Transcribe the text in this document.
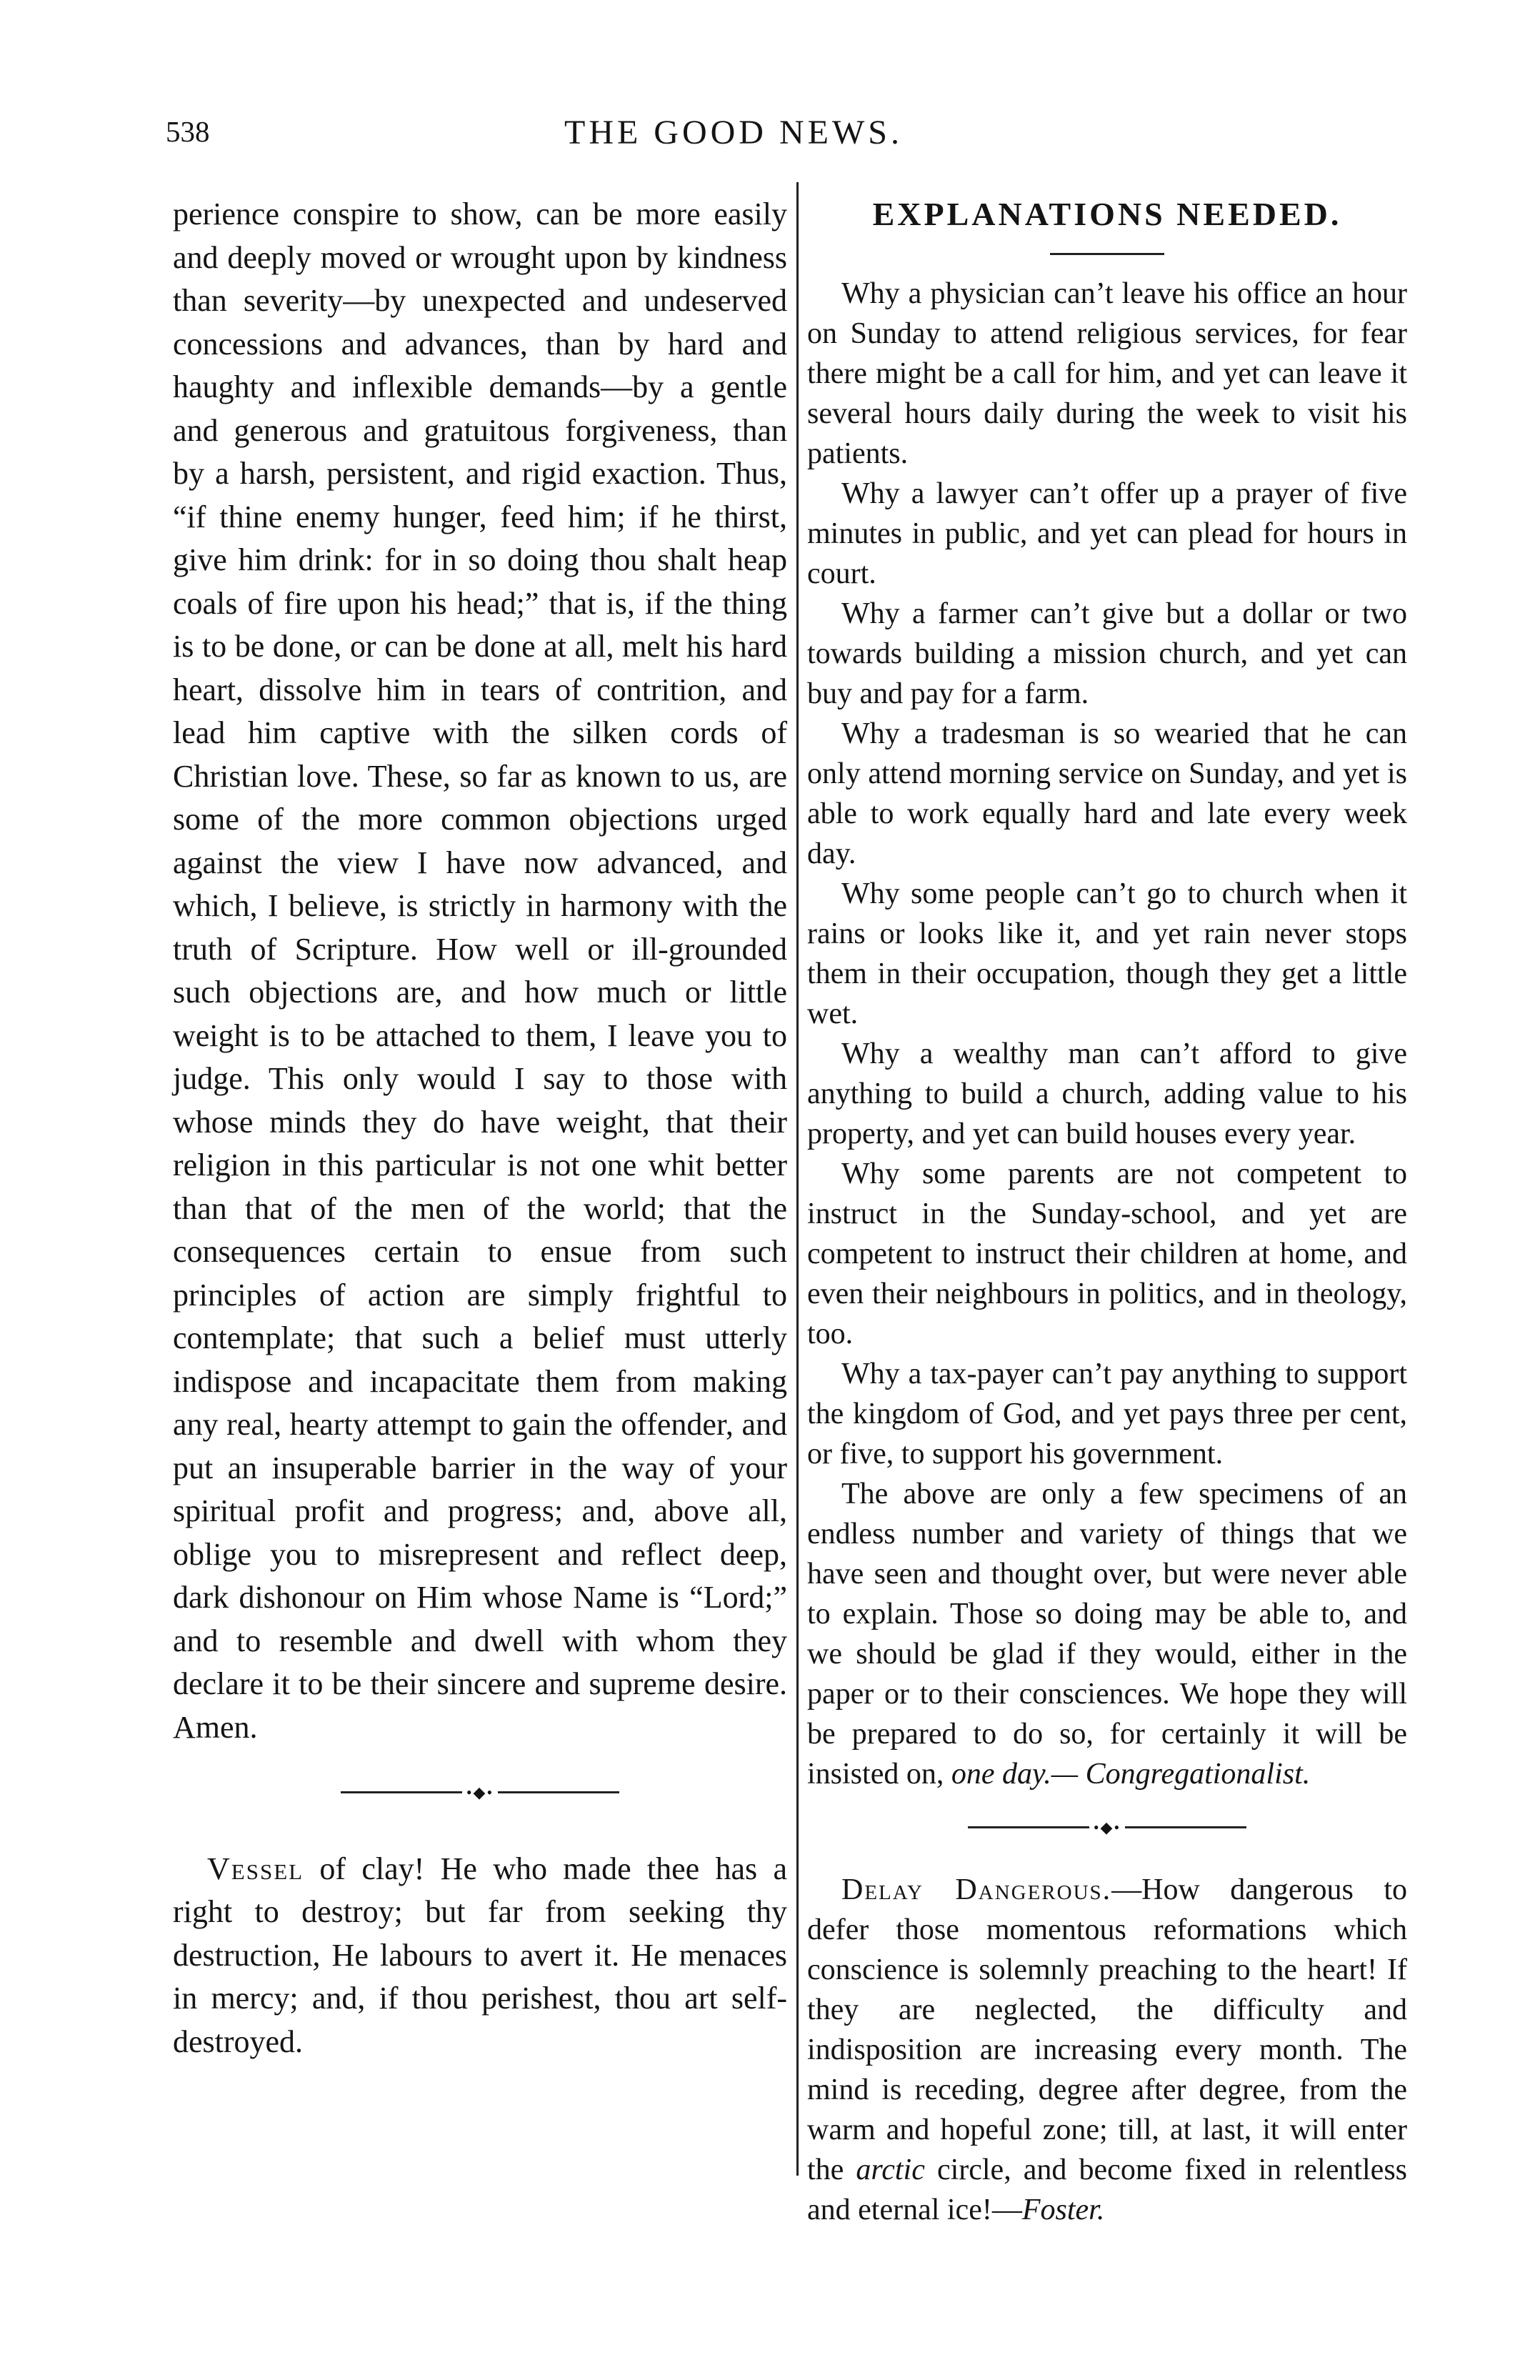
538	THE GOOD NEWS.

perience conspire to show, can be more easily and deeply moved or wrought upon by kindness than severity—by unexpected and undeserved concessions and advances, than by hard and haughty and inflexible demands—by a gentle and generous and gratuitous forgiveness, than by a harsh, persistent, and rigid exaction. Thus, “if thine enemy hunger, feed him; if he thirst, give him drink: for in so doing thou shalt heap coals of fire upon his head;” that is, if the thing is to be done, or can be done at all, melt his hard heart, dissolve him in tears of contrition, and lead him captive with the silken cords of Christian love. These, so far as known to us, are some of the more common objections urged against the view I have now advanced, and which, I believe, is strictly in harmony with the truth of Scripture. How well or ill-grounded such objections are, and how much or little weight is to be attached to them, I leave you to judge. This only would I say to those with whose minds they do have weight, that their religion in this particular is not one whit better than that of the men of the world; that the consequences certain to ensue from such principles of action are simply frightful to contemplate; that such a belief must utterly indispose and incapacitate them from making any real, hearty attempt to gain the offender, and put an insuperable barrier in the way of your spiritual profit and progress; and, above all, oblige you to misrepresent and reflect deep, dark dishonour on Him whose Name is “Lord;” and to resemble and dwell with whom they declare it to be their sincere and supreme desire. Amen.

•◆•

Vessel of clay! He who made thee has a right to destroy; but far from seeking thy destruction, He labours to avert it. He menaces in mercy; and, if thou perishest, thou art self-destroyed.

EXPLANATIONS NEEDED.

Why a physician can’t leave his office an hour on Sunday to attend religious services, for fear there might be a call for him, and yet can leave it several hours daily during the week to visit his patients.

Why a lawyer can’t offer up a prayer of five minutes in public, and yet can plead for hours in court.

Why a farmer can’t give but a dollar or two towards building a mission church, and yet can buy and pay for a farm.

Why a tradesman is so wearied that he can only attend morning service on Sunday, and yet is able to work equally hard and late every week day.

Why some people can’t go to church when it rains or looks like it, and yet rain never stops them in their occupation, though they get a little wet.

Why a wealthy man can’t afford to give anything to build a church, adding value to his property, and yet can build houses every year.

Why some parents are not competent to instruct in the Sunday-school, and yet are competent to instruct their children at home, and even their neighbours in politics, and in theology, too.

Why a tax-payer can’t pay anything to support the kingdom of God, and yet pays three per cent, or five, to support his government.

The above are only a few specimens of an endless number and variety of things that we have seen and thought over, but were never able to explain. Those so doing may be able to, and we should be glad if they would, either in the paper or to their consciences. We hope they will be prepared to do so, for certainly it will be insisted on, one day.— Congregationalist.

•◆•

Delay Dangerous.—How dangerous to defer those momentous reformations which conscience is solemnly preaching to the heart! If they are neglected, the difficulty and indisposition are increasing every month. The mind is receding, degree after degree, from the warm and hopeful zone; till, at last, it will enter the arctic circle, and become fixed in relentless and eternal ice!—Foster.
